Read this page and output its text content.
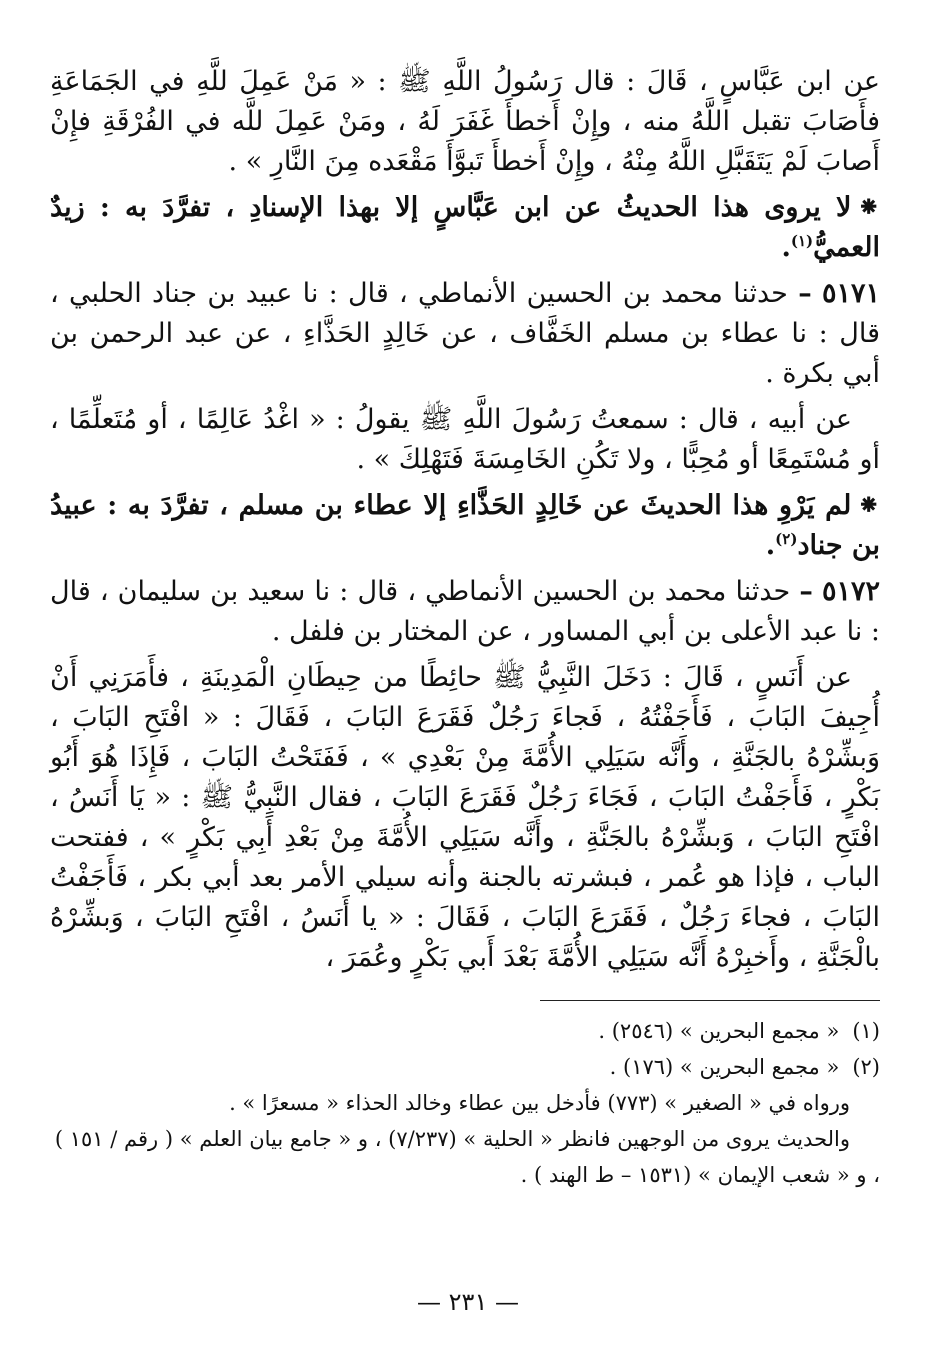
عن ابن عَبَّاسٍ ، قَالَ : قال رَسُولُ اللَّهِ ﷺ : « مَنْ عَمِلَ للَّهِ في الجَمَاعَةِ فأَصَابَ تقبل اللَّهُ منه ، وإِنْ أَخطأَ غَفَرَ لَهُ ، ومَنْ عَمِلَ للَّه في الفُرْقَةِ فإِنْ أَصابَ لَمْ يَتَقَبَّلِ اللَّهُ مِنْهُ ، وإِنْ أَخطأَ تَبوَّأَ مَقْعَده مِنَ النَّارِ » .

⁕لا يروى هذا الحديثُ عن ابن عَبَّاسٍ إلا بهذا الإسنادِ ، تفرَّدَ به : زيدٌ العميُّ$^{(١)}$.

٥١٧١ – حدثنا محمد بن الحسين الأنماطي ، قال : نا عبيد بن جناد الحلبي ، قال : نا عطاء بن مسلم الخَفَّاف ، عن خَالِدٍ الحَذَّاءِ ، عن عبد الرحمن بن أبي بكرة .

عن أبيه ، قال : سمعتُ رَسُولَ اللَّهِ ﷺ يقولُ : « اغْدُ عَالِمًا ، أو مُتَعلِّمًا ، أو مُسْتَمِعًا أو مُحِبًّا ، ولا تَكُنِ الخَامِسَةَ فَتَهْلِكَ » .

⁕لم يَرْوِ هذا الحديثَ عن خَالِدٍ الحَذَّاءِ إلا عطاء بن مسلم ، تفرَّدَ به : عبيدُ بن جناد$^{(٢)}$.

٥١٧٢ – حدثنا محمد بن الحسين الأنماطي ، قال : نا سعيد بن سليمان ، قال : نا عبد الأعلى بن أبي المساور ، عن المختار بن فلفل .

عن أَنَسٍ ، قَالَ : دَخَلَ النَّبِيُّ ﷺ حائِطًا من حِيطَانِ الْمَدِينَةِ ، فأَمَرَنِي أَنْ أُجِيفَ البَابَ ، فَأَجَفْتُهُ ، فَجاءَ رَجُلٌ فَقَرَعَ البَابَ ، فَقَالَ : « افْتَحِ البَابَ ، وَبشِّرْهُ بالجَنَّةِ ، وأَنَّه سَيَلِي الأُمَّةَ مِنْ بَعْدِي » ، فَفَتَحْتُ البَابَ ، فَإِذَا هُوَ أَبُو بَكْرٍ ، فَأَجَفْتُ البَابَ ، فَجَاءَ رَجُلٌ فَقَرَعَ البَابَ ، فقال النَّبِيُّ ﷺ : « يَا أَنَسُ ، افْتَحِ البَابَ ، وَبشِّرْهُ بالجَنَّةِ ، وأَنَّه سَيَلِي الأُمَّةَ مِنْ بَعْدِ أَبِي بَكْرٍ » ، ففتحت الباب ، فإذا هو عُمر ، فبشرته بالجنة وأنه سيلي الأمر بعد أبي بكر ، فَأَجَفْتُ البَابَ ، فجاءَ رَجُلٌ ، فَقَرَعَ البَابَ ، فَقَالَ : « يا أَنَسُ ، افْتَحِ البَابَ ، وَبشِّرْهُ بالْجَنَّةِ ، وأَخبِرْهُ أَنَّه سَيَلِي الأُمَّةَ بَعْدَ أَبي بَكْرٍ وعُمَرَ ،

(١) « مجمع البحرين » (٢٥٤٦) .

(٢) « مجمع البحرين » (١٧٦) .

ورواه في « الصغير » (٧٧٣) فأدخل بين عطاء وخالد الحذاء « مسعرًا » .

والحديث يروى من الوجهين فانظر « الحلية » (٧/٢٣٧) ، و « جامع بيان العلم » ( رقم / ١٥١ ) ، و « شعب الإيمان » (١٥٣١ – ط الهند ) .

— ٢٣١ —
